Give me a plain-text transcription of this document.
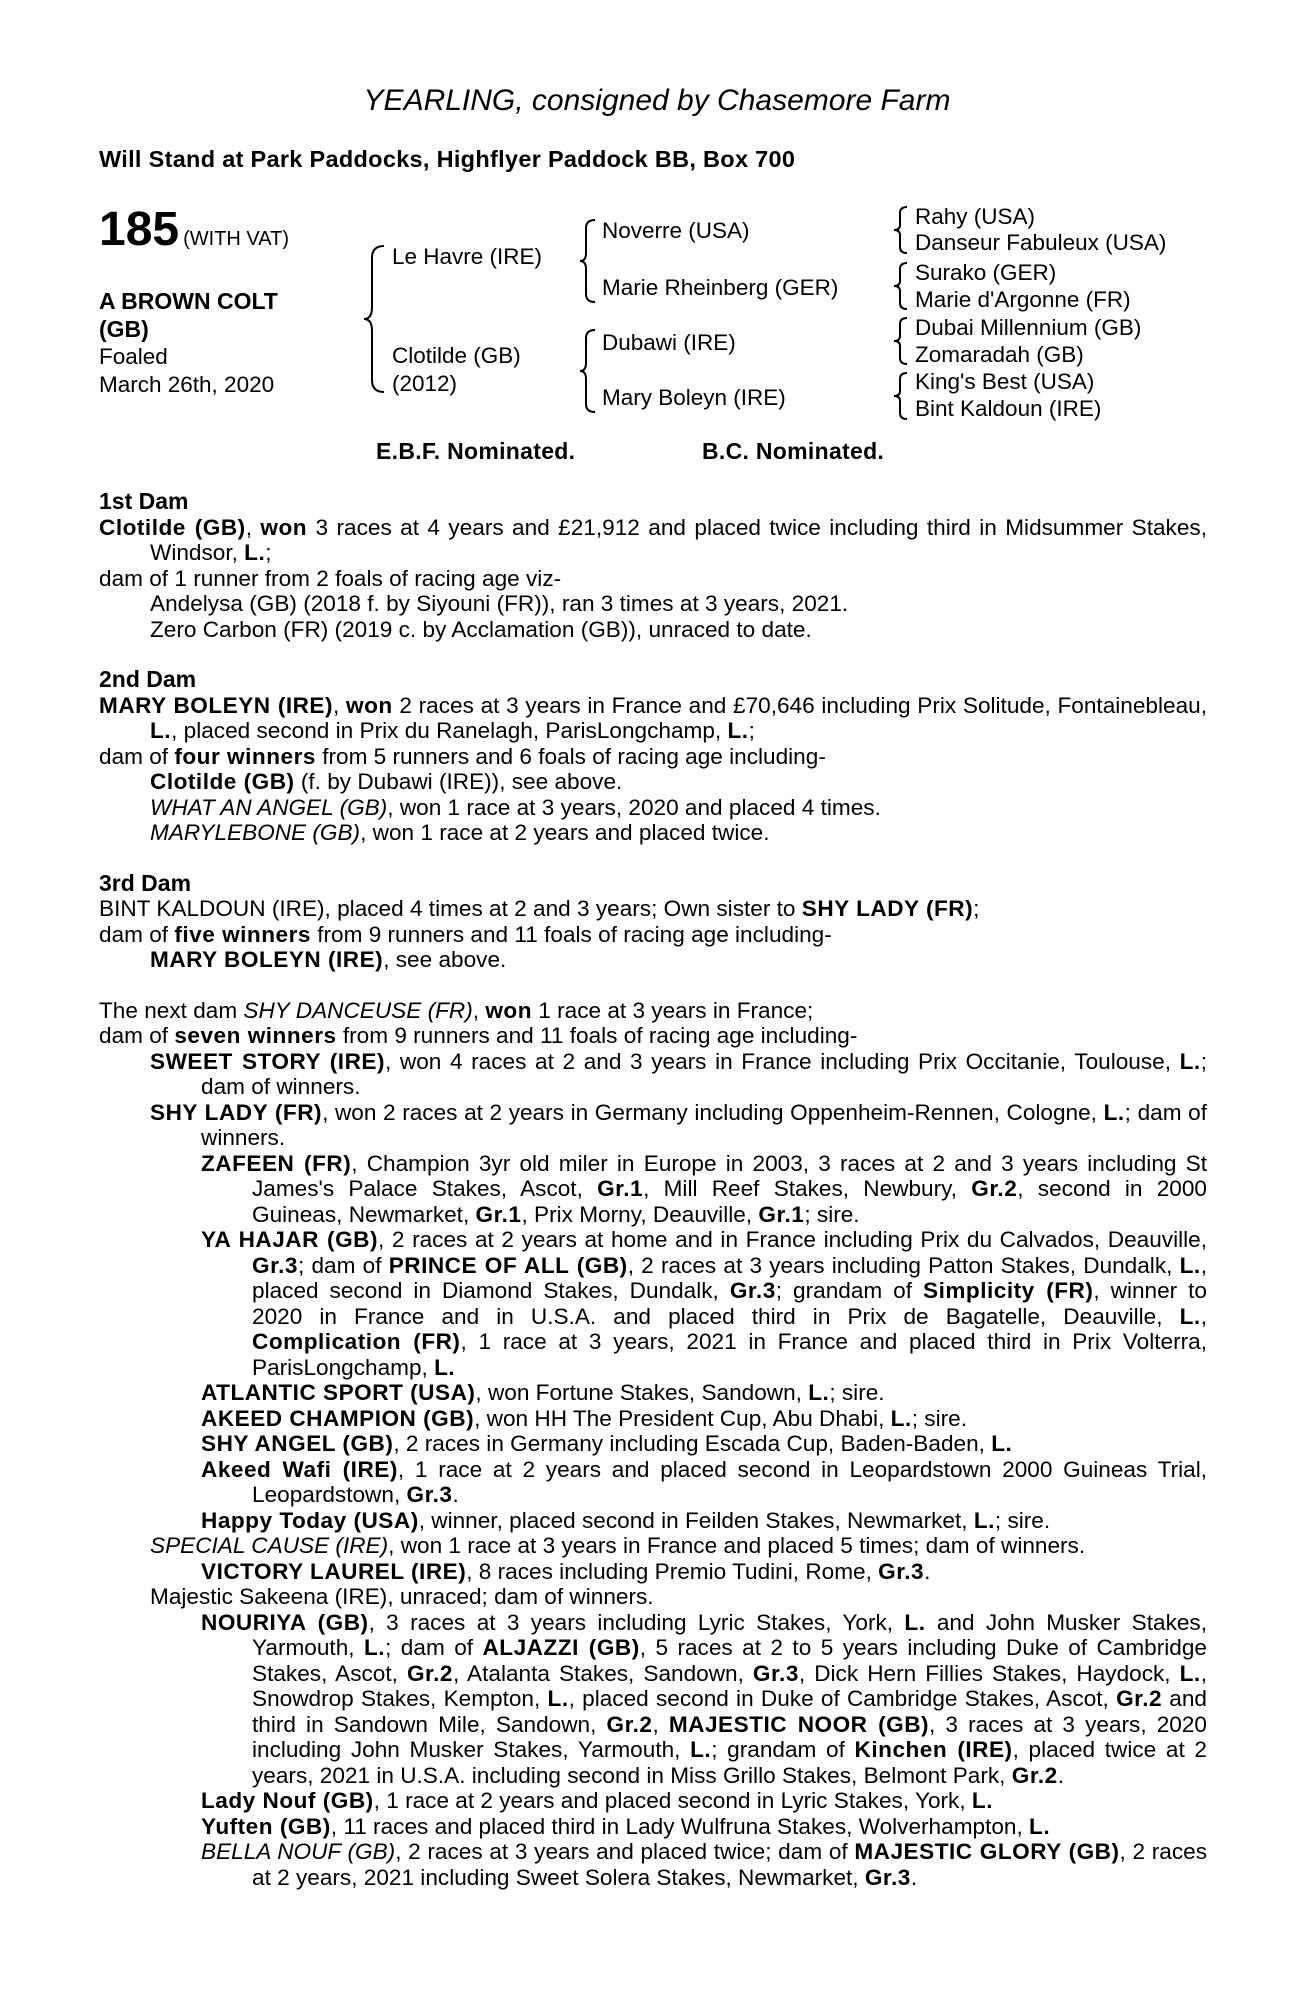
YEARLING, consigned by Chasemore Farm
Will Stand at Park Paddocks, Highflyer Paddock BB, Box 700
185 (WITH VAT)
A BROWN COLT
(GB)
Foaled
March 26th, 2020
Le Havre (IRE)
Clotilde (GB)
(2012)
Noverre (USA)
Marie Rheinberg (GER)
Dubawi (IRE)
Mary Boleyn (IRE)
Rahy (USA)
Danseur Fabuleux (USA)
Surako (GER)
Marie d'Argonne (FR)
Dubai Millennium (GB)
Zomaradah (GB)
King's Best (USA)
Bint Kaldoun (IRE)
E.B.F. Nominated.	B.C. Nominated.
1st Dam

Clotilde (GB), won 3 races at 4 years and £21,912 and placed twice including third in Midsummer Stakes, Windsor, L.;

dam of 1 runner from 2 foals of racing age viz-

Andelysa (GB) (2018 f. by Siyouni (FR)), ran 3 times at 3 years, 2021.

Zero Carbon (FR) (2019 c. by Acclamation (GB)), unraced to date.

2nd Dam

MARY BOLEYN (IRE), won 2 races at 3 years in France and £70,646 including Prix Solitude, Fontainebleau, L., placed second in Prix du Ranelagh, ParisLongchamp, L.;

dam of four winners from 5 runners and 6 foals of racing age including-

Clotilde (GB) (f. by Dubawi (IRE)), see above.

WHAT AN ANGEL (GB), won 1 race at 3 years, 2020 and placed 4 times.

MARYLEBONE (GB), won 1 race at 2 years and placed twice.

3rd Dam

BINT KALDOUN (IRE), placed 4 times at 2 and 3 years; Own sister to SHY LADY (FR);

dam of five winners from 9 runners and 11 foals of racing age including-

MARY BOLEYN (IRE), see above.

The next dam SHY DANCEUSE (FR), won 1 race at 3 years in France;

dam of seven winners from 9 runners and 11 foals of racing age including-

SWEET STORY (IRE), won 4 races at 2 and 3 years in France including Prix Occitanie, Toulouse, L.; dam of winners.

SHY LADY (FR), won 2 races at 2 years in Germany including Oppenheim-Rennen, Cologne, L.; dam of winners.

ZAFEEN (FR), Champion 3yr old miler in Europe in 2003, 3 races at 2 and 3 years including St James's Palace Stakes, Ascot, Gr.1, Mill Reef Stakes, Newbury, Gr.2, second in 2000 Guineas, Newmarket, Gr.1, Prix Morny, Deauville, Gr.1; sire.

YA HAJAR (GB), 2 races at 2 years at home and in France including Prix du Calvados, Deauville, Gr.3; dam of PRINCE OF ALL (GB), 2 races at 3 years including Patton Stakes, Dundalk, L., placed second in Diamond Stakes, Dundalk, Gr.3; grandam of Simplicity (FR), winner to 2020 in France and in U.S.A. and placed third in Prix de Bagatelle, Deauville, L., Complication (FR), 1 race at 3 years, 2021 in France and placed third in Prix Volterra, ParisLongchamp, L.

ATLANTIC SPORT (USA), won Fortune Stakes, Sandown, L.; sire.

AKEED CHAMPION (GB), won HH The President Cup, Abu Dhabi, L.; sire.

SHY ANGEL (GB), 2 races in Germany including Escada Cup, Baden-Baden, L.

Akeed Wafi (IRE), 1 race at 2 years and placed second in Leopardstown 2000 Guineas Trial, Leopardstown, Gr.3.

Happy Today (USA), winner, placed second in Feilden Stakes, Newmarket, L.; sire.

SPECIAL CAUSE (IRE), won 1 race at 3 years in France and placed 5 times; dam of winners.

VICTORY LAUREL (IRE), 8 races including Premio Tudini, Rome, Gr.3.

Majestic Sakeena (IRE), unraced; dam of winners.

NOURIYA (GB), 3 races at 3 years including Lyric Stakes, York, L. and John Musker Stakes, Yarmouth, L.; dam of ALJAZZI (GB), 5 races at 2 to 5 years including Duke of Cambridge Stakes, Ascot, Gr.2, Atalanta Stakes, Sandown, Gr.3, Dick Hern Fillies Stakes, Haydock, L., Snowdrop Stakes, Kempton, L., placed second in Duke of Cambridge Stakes, Ascot, Gr.2 and third in Sandown Mile, Sandown, Gr.2, MAJESTIC NOOR (GB), 3 races at 3 years, 2020 including John Musker Stakes, Yarmouth, L.; grandam of Kinchen (IRE), placed twice at 2 years, 2021 in U.S.A. including second in Miss Grillo Stakes, Belmont Park, Gr.2.

Lady Nouf (GB), 1 race at 2 years and placed second in Lyric Stakes, York, L.

Yuften (GB), 11 races and placed third in Lady Wulfruna Stakes, Wolverhampton, L.

BELLA NOUF (GB), 2 races at 3 years and placed twice; dam of MAJESTIC GLORY (GB), 2 races at 2 years, 2021 including Sweet Solera Stakes, Newmarket, Gr.3.
